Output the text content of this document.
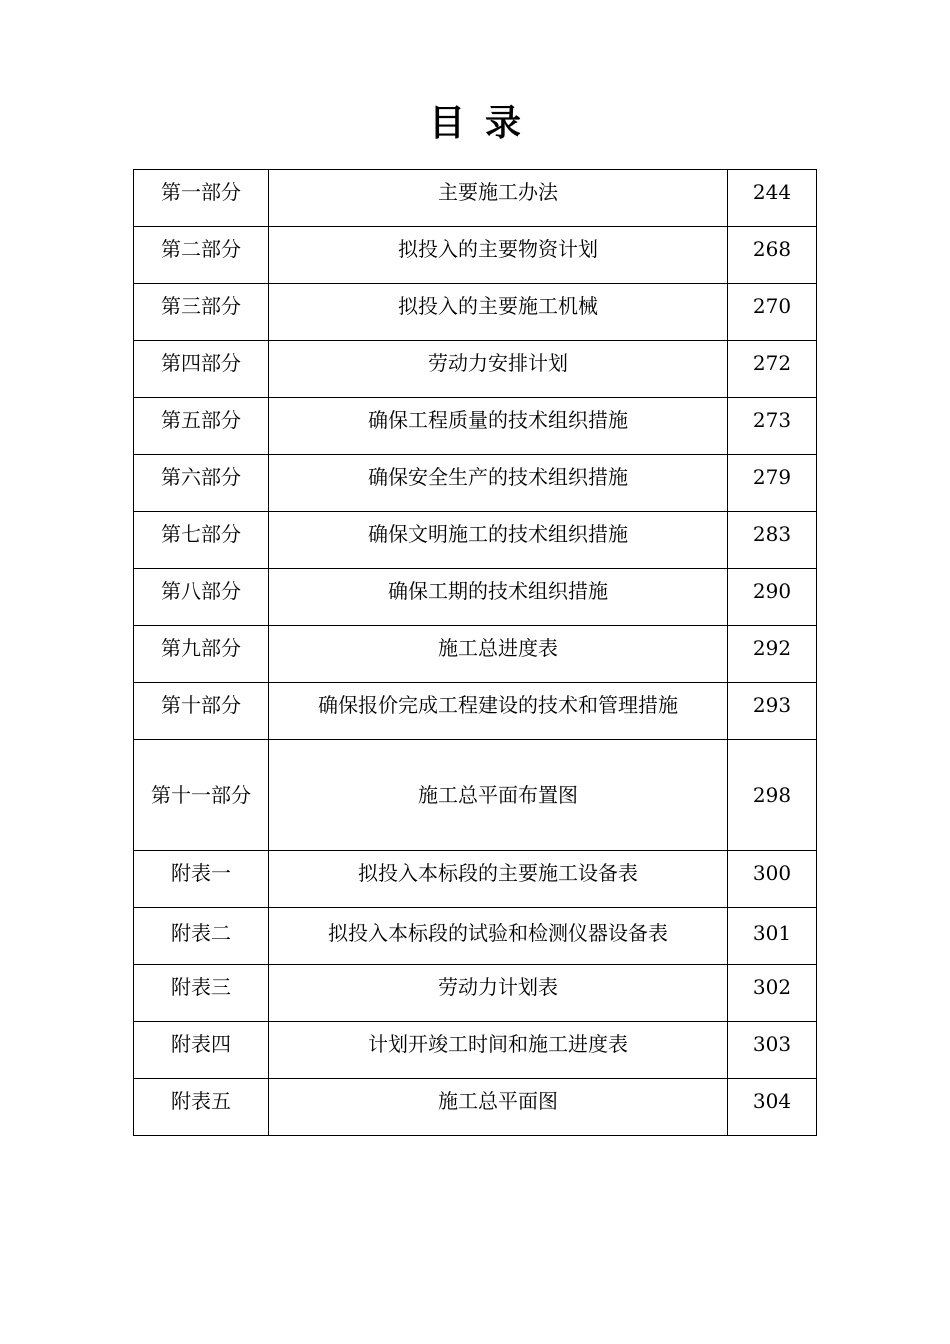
目录
第一部分	主要施工办法	244
第二部分	拟投入的主要物资计划	268
第三部分	拟投入的主要施工机械	270
第四部分	劳动力安排计划	272
第五部分	确保工程质量的技术组织措施	273
第六部分	确保安全生产的技术组织措施	279
第七部分	确保文明施工的技术组织措施	283
第八部分	确保工期的技术组织措施	290
第九部分	施工总进度表	292
第十部分	确保报价完成工程建设的技术和管理措施	293
第十一部分	施工总平面布置图	298
附表一	拟投入本标段的主要施工设备表	300
附表二	拟投入本标段的试验和检测仪器设备表	301
附表三	劳动力计划表	302
附表四	计划开竣工时间和施工进度表	303
附表五	施工总平面图	304
